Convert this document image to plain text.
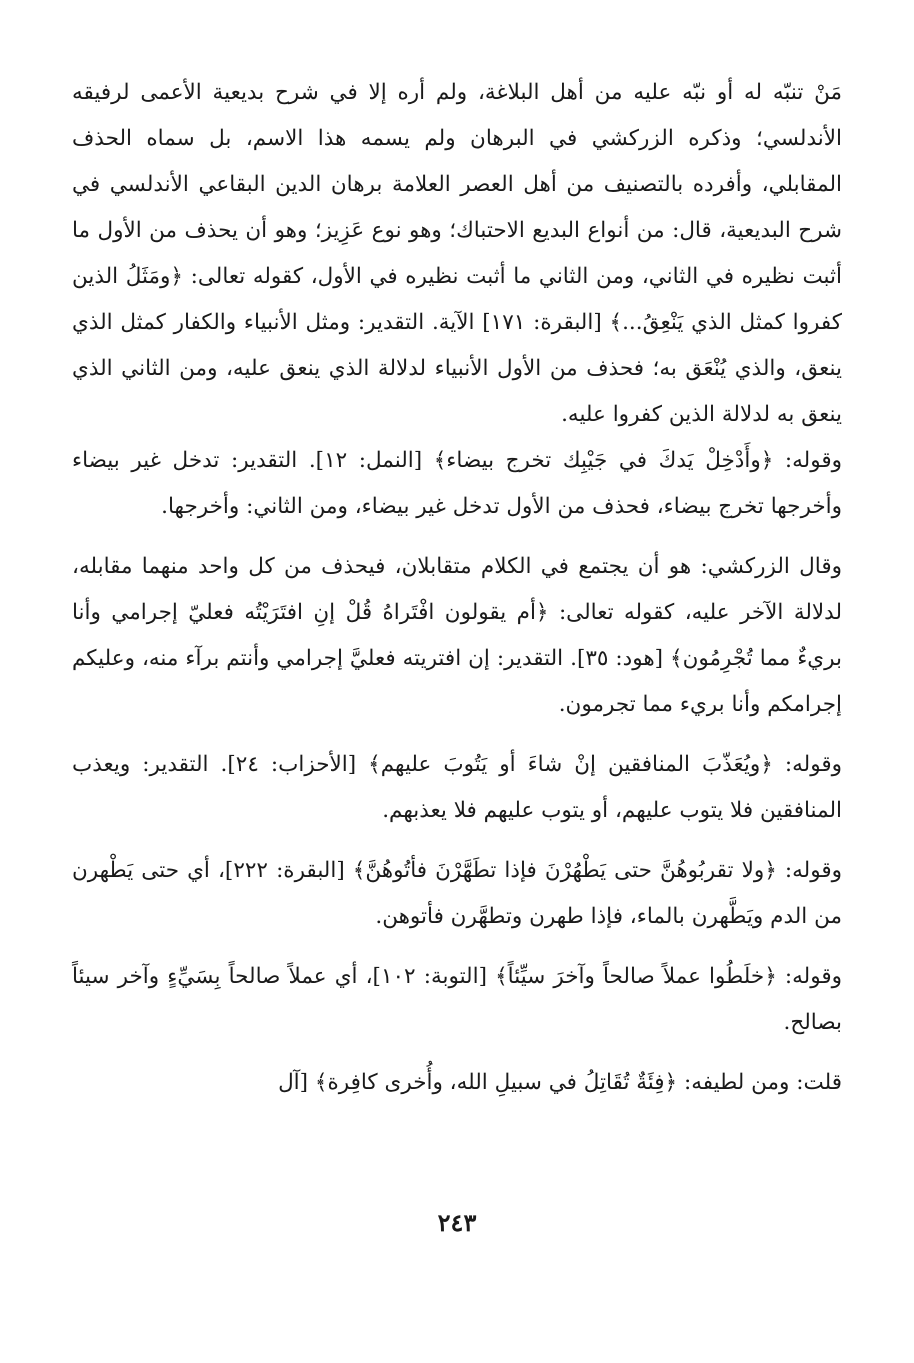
مَنْ تنبّه له أو نبّه عليه من أهل البلاغة، ولم أره إلا في شرح بديعية الأعمى لرفيقه الأندلسي؛ وذكره الزركشي في البرهان ولم يسمه هذا الاسم، بل سماه الحذف المقابلي، وأفرده بالتصنيف من أهل العصر العلامة برهان الدين البقاعي الأندلسي في شرح البديعية، قال: من أنواع البديع الاحتباك؛ وهو نوع عَزِيز؛ وهو أن يحذف من الأول ما أثبت نظيره في الثاني، ومن الثاني ما أثبت نظيره في الأول، كقوله تعالى: ﴿ومَثَلُ الذين كفروا كمثل الذي يَنْعِقُ...﴾ [البقرة: ١٧١] الآية. التقدير: ومثل الأنبياء والكفار كمثل الذي ينعق، والذي يُنْعَق به؛ فحذف من الأول الأنبياء لدلالة الذي ينعق عليه، ومن الثاني الذي ينعق به لدلالة الذين كفروا عليه.

وقوله: ﴿وأَدْخِلْ يَدكَ في جَيْبِك تخرج بيضاء﴾ [النمل: ١٢]. التقدير: تدخل غير بيضاء وأخرجها تخرج بيضاء، فحذف من الأول تدخل غير بيضاء، ومن الثاني: وأخرجها.

وقال الزركشي: هو أن يجتمع في الكلام متقابلان، فيحذف من كل واحد منهما مقابله، لدلالة الآخر عليه، كقوله تعالى: ﴿أم يقولون افْتَراهُ قُلْ إنِ افتَرَيْتُه فعليّ إجرامي وأنا بريءٌ مما تُجْرِمُون﴾ [هود: ٣٥]. التقدير: إن افتريته فعليَّ إجرامي وأنتم برآء منه، وعليكم إجرامكم وأنا بريء مما تجرمون.

وقوله: ﴿ويُعَذّبَ المنافقين إنْ شاءَ أو يَتُوبَ عليهم﴾ [الأحزاب: ٢٤]. التقدير: ويعذب المنافقين فلا يتوب عليهم، أو يتوب عليهم فلا يعذبهم.

وقوله: ﴿ولا تقربُوهُنَّ حتى يَطْهُرْنَ فإذا تطَهَّرْنَ فأتُوهُنَّ﴾ [البقرة: ٢٢٢]، أي حتى يَطْهرن من الدم ويَطَّهرن بالماء، فإذا طهرن وتطهَّرن فأتوهن.

وقوله: ﴿خلَطُوا عملاً صالحاً وآخرَ سيِّئاً﴾ [التوبة: ١٠٢]، أي عملاً صالحاً بِسَيِّءٍ وآخر سيئاً بصالح.

قلت: ومن لطيفه: ﴿فِئَةٌ تُقَاتِلُ في سبيلِ الله، وأُخرى كافِرة﴾ [آل

٢٤٣
